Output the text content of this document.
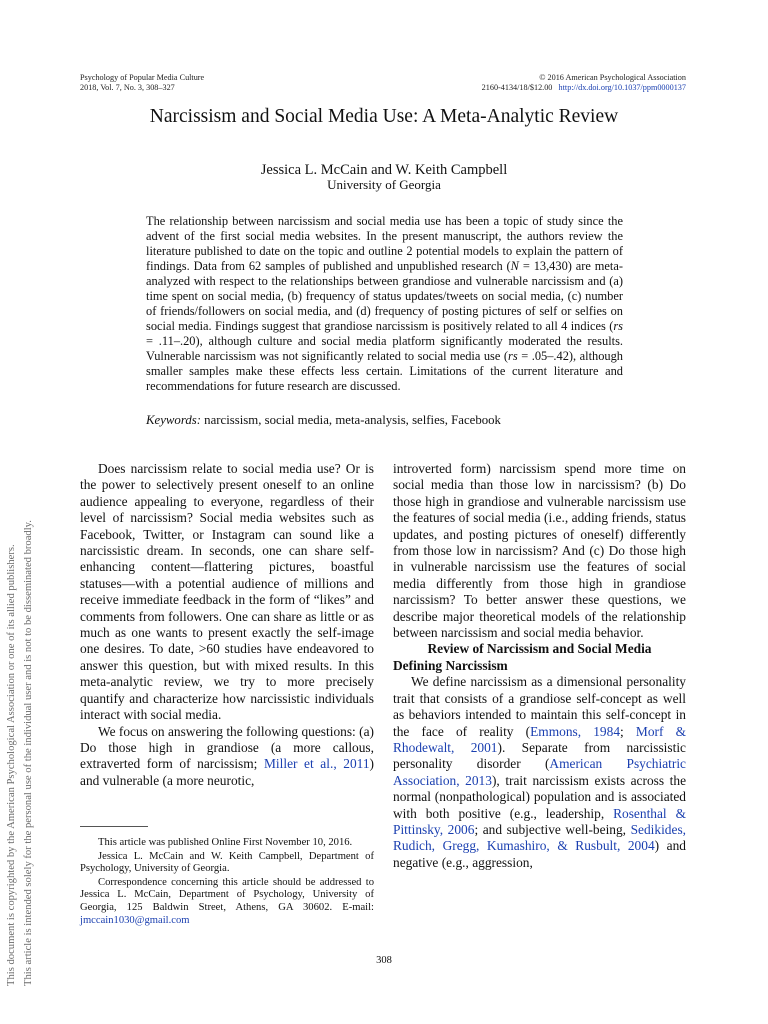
Psychology of Popular Media Culture
2018, Vol. 7, No. 3, 308–327
© 2016 American Psychological Association
2160-4134/18/$12.00 http://dx.doi.org/10.1037/ppm0000137
This document is copyrighted by the American Psychological Association or one of its allied publishers. This article is intended solely for the personal use of the individual user and is not to be disseminated broadly.
Narcissism and Social Media Use: A Meta-Analytic Review
Jessica L. McCain and W. Keith Campbell
University of Georgia
The relationship between narcissism and social media use has been a topic of study since the advent of the first social media websites. In the present manuscript, the authors review the literature published to date on the topic and outline 2 potential models to explain the pattern of findings. Data from 62 samples of published and unpublished research (N = 13,430) are meta-analyzed with respect to the relationships between grandiose and vulnerable narcissism and (a) time spent on social media, (b) frequency of status updates/tweets on social media, (c) number of friends/followers on social media, and (d) frequency of posting pictures of self or selfies on social media. Findings suggest that grandiose narcissism is positively related to all 4 indices (rs = .11–.20), although culture and social media platform significantly moderated the results. Vulnerable narcissism was not significantly related to social media use (rs = .05–.42), although smaller samples make these effects less certain. Limitations of the current literature and recommendations for future research are discussed.
Keywords: narcissism, social media, meta-analysis, selfies, Facebook

Does narcissism relate to social media use? Or is the power to selectively present oneself to an online audience appealing to everyone, regardless of their level of narcissism? Social media websites such as Facebook, Twitter, or Instagram can sound like a narcissistic dream. In seconds, one can share self-enhancing content—flattering pictures, boastful statuses—with a potential audience of millions and receive immediate feedback in the form of “likes” and comments from followers. One can share as little or as much as one wants to present exactly the self-image one desires. To date, >60 studies have endeavored to answer this question, but with mixed results. In this meta-analytic review, we try to more precisely quantify and characterize how narcissistic individuals interact with social media.

We focus on answering the following questions: (a) Do those high in grandiose (a more callous, extraverted form of narcissism; Miller et al., 2011) and vulnerable (a more neurotic,

This article was published Online First November 10, 2016.

Jessica L. McCain and W. Keith Campbell, Department of Psychology, University of Georgia.

Correspondence concerning this article should be addressed to Jessica L. McCain, Department of Psychology, University of Georgia, 125 Baldwin Street, Athens, GA 30602. E-mail: jmccain1030@gmail.com

introverted form) narcissism spend more time on social media than those low in narcissism? (b) Do those high in grandiose and vulnerable narcissism use the features of social media (i.e., adding friends, status updates, and posting pictures of oneself) differently from those low in narcissism? And (c) Do those high in vulnerable narcissism use the features of social media differently from those high in grandiose narcissism? To better answer these questions, we describe major theoretical models of the relationship between narcissism and social media behavior.

Review of Narcissism and Social Media

Defining Narcissism

We define narcissism as a dimensional personality trait that consists of a grandiose self-concept as well as behaviors intended to maintain this self-concept in the face of reality (Emmons, 1984; Morf & Rhodewalt, 2001). Separate from narcissistic personality disorder (American Psychiatric Association, 2013), trait narcissism exists across the normal (nonpathological) population and is associated with both positive (e.g., leadership, Rosenthal & Pittinsky, 2006; and subjective well-being, Sedikides, Rudich, Gregg, Kumashiro, & Rusbult, 2004) and negative (e.g., aggression,

308
